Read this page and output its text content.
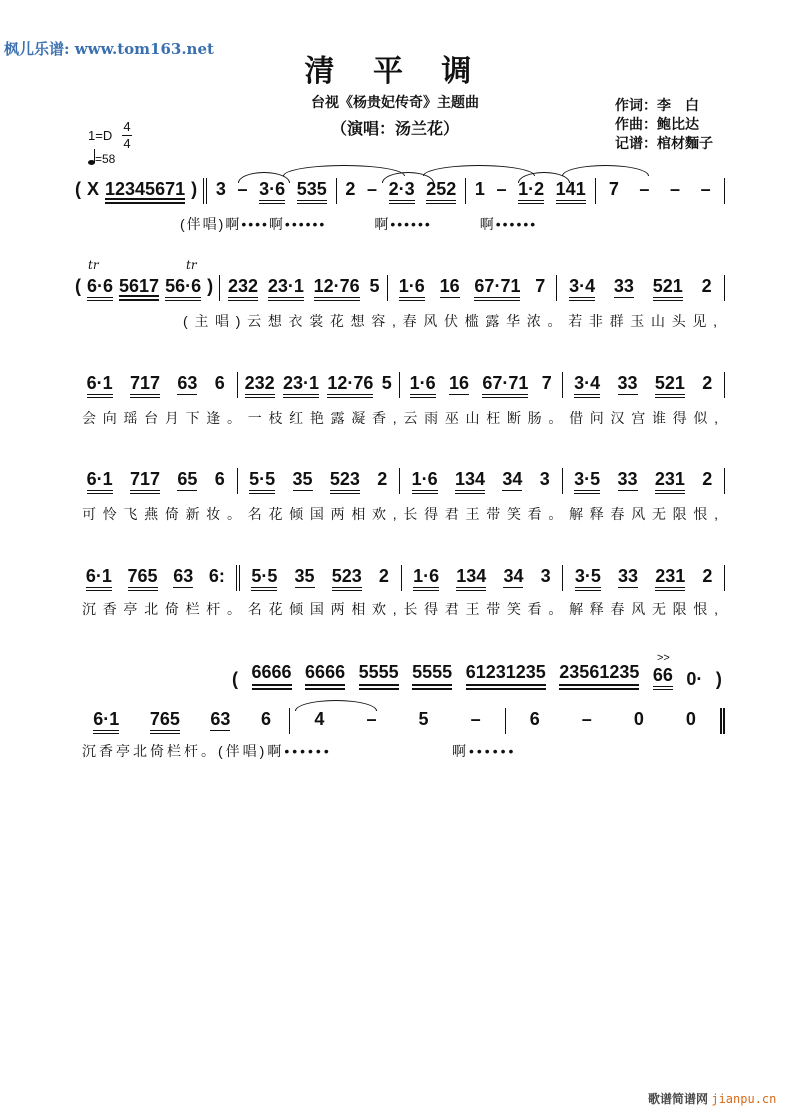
枫儿乐谱: www.tom163.net
清 平 调
台视《杨贵妃传奇》主题曲
（演唱：汤兰花）
作词：李　白
作曲：鲍比达
记谱：棺材麵子
1=D
4
4
=58
tr	tr
( X 12345671 ) 3 – 3·6 535 2 – 2·3 252 1 – 1·2 141 7 – – –
(伴唱)啊••••啊••••••　　　啊••••••　　　啊••••••
( 6·6 5617 56·6 ) 232 23·1 12·76 5 1·6 16 67·71 7 3·4 33 521 2
(主唱)云想衣裳花想容,春风伏槛露华浓。若非群玉山头见,
6·1 717 63 6 232 23·1 12·76 5 1·6 16 67·71 7 3·4 33 521 2
会向瑶台月下逢。一枝红艳露凝香,云雨巫山枉断肠。借问汉宫谁得似,
6·1 717 65 6 5·5 35 523 2 1·6 134 34 3 3·5 33 231 2
可怜飞燕倚新妆。名花倾国两相欢,长得君王带笑看。解释春风无限恨,
6·1 765 63 6: 5·5 35 523 2 1·6 134 34 3 3·5 33 231 2
沉香亭北倚栏杆。名花倾国两相欢,长得君王带笑看。解释春风无限恨,
6·1 765 63 6 4 – 5 –	6 – 0 0
沉香亭北倚栏杆。(伴唱)啊••••••	啊••••••
( 6666 6666 5555 5555 61231235 23561235 66 0· )
>>
歌谱简谱网 jianpu.cn
